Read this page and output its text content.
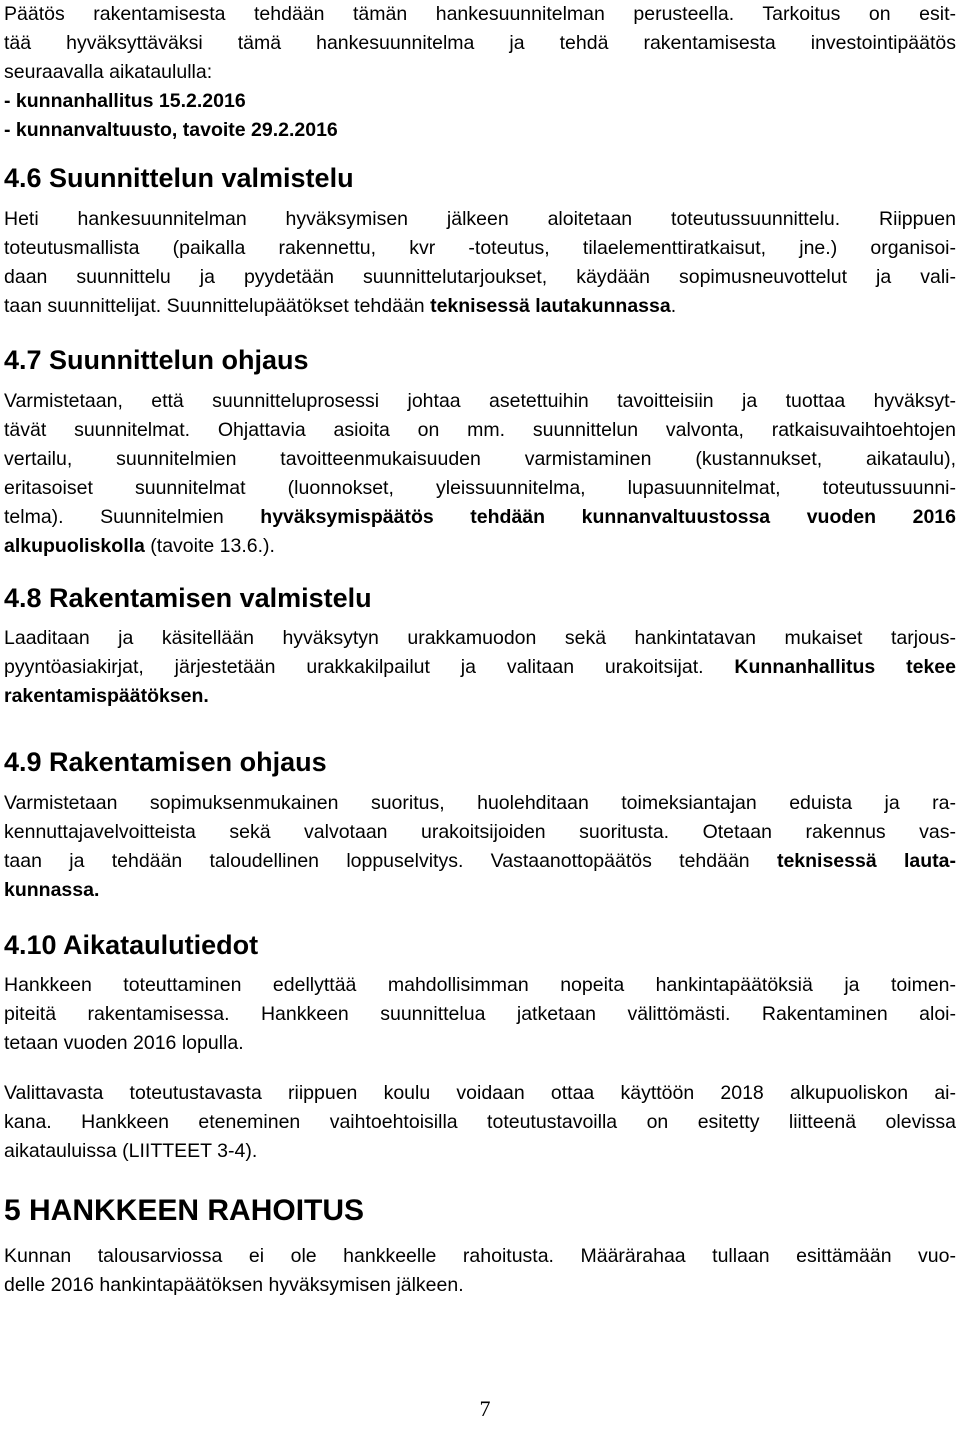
Päätös rakentamisesta tehdään tämän hankesuunnitelman perusteella. Tarkoitus on esit-
tää hyväksyttäväksi tämä hankesuunnitelma ja tehdä rakentamisesta investointipäätös
seuraavalla aikataululla:

- kunnanhallitus 15.2.2016
- kunnanvaltuusto, tavoite 29.2.2016
4.6 Suunnittelun valmistelu

Heti hankesuunnitelman hyväksymisen jälkeen aloitetaan toteutussuunnittelu. Riippuen
toteutusmallista (paikalla rakennettu, kvr -toteutus, tilaelementtiratkaisut, jne.) organisoi-
daan suunnittelu ja pyydetään suunnittelutarjoukset, käydään sopimusneuvottelut ja vali-
taan suunnittelijat. Suunnittelupäätökset tehdään teknisessä lautakunnassa.

4.7 Suunnittelun ohjaus

Varmistetaan, että suunnitteluprosessi johtaa asetettuihin tavoitteisiin ja tuottaa hyväksyt-
tävät suunnitelmat. Ohjattavia asioita on mm. suunnittelun valvonta, ratkaisuvaihtoehtojen
vertailu, suunnitelmien tavoitteenmukaisuuden varmistaminen (kustannukset, aikataulu),
eritasoiset suunnitelmat (luonnokset, yleissuunnitelma, lupasuunnitelmat, toteutussuunni-
telma). Suunnitelmien hyväksymispäätös tehdään kunnanvaltuustossa vuoden 2016
alkupuoliskolla (tavoite 13.6.).

4.8 Rakentamisen valmistelu

Laaditaan ja käsitellään hyväksytyn urakkamuodon sekä hankintatavan mukaiset tarjous-
pyyntöasiakirjat, järjestetään urakkakilpailut ja valitaan urakoitsijat. Kunnanhallitus tekee
rakentamispäätöksen.

4.9 Rakentamisen ohjaus

Varmistetaan sopimuksenmukainen suoritus, huolehditaan toimeksiantajan eduista ja ra-
kennuttajavelvoitteista sekä valvotaan urakoitsijoiden suoritusta. Otetaan rakennus vas-
taan ja tehdään taloudellinen loppuselvitys. Vastaanottopäätös tehdään teknisessä lauta-
kunnassa.

4.10 Aikataulutiedot

Hankkeen toteuttaminen edellyttää mahdollisimman nopeita hankintapäätöksiä ja toimen-
piteitä rakentamisessa. Hankkeen suunnittelua jatketaan välittömästi. Rakentaminen aloi-
tetaan vuoden 2016 lopulla.

Valittavasta toteutustavasta riippuen koulu voidaan ottaa käyttöön 2018 alkupuoliskon ai-
kana. Hankkeen eteneminen vaihtoehtoisilla toteutustavoilla on esitetty liitteenä olevissa
aikatauluissa (LIITTEET 3-4).

5 HANKKEEN RAHOITUS

Kunnan talousarviossa ei ole hankkeelle rahoitusta. Määrärahaa tullaan esittämään vuo-
delle 2016 hankintapäätöksen hyväksymisen jälkeen.

7
